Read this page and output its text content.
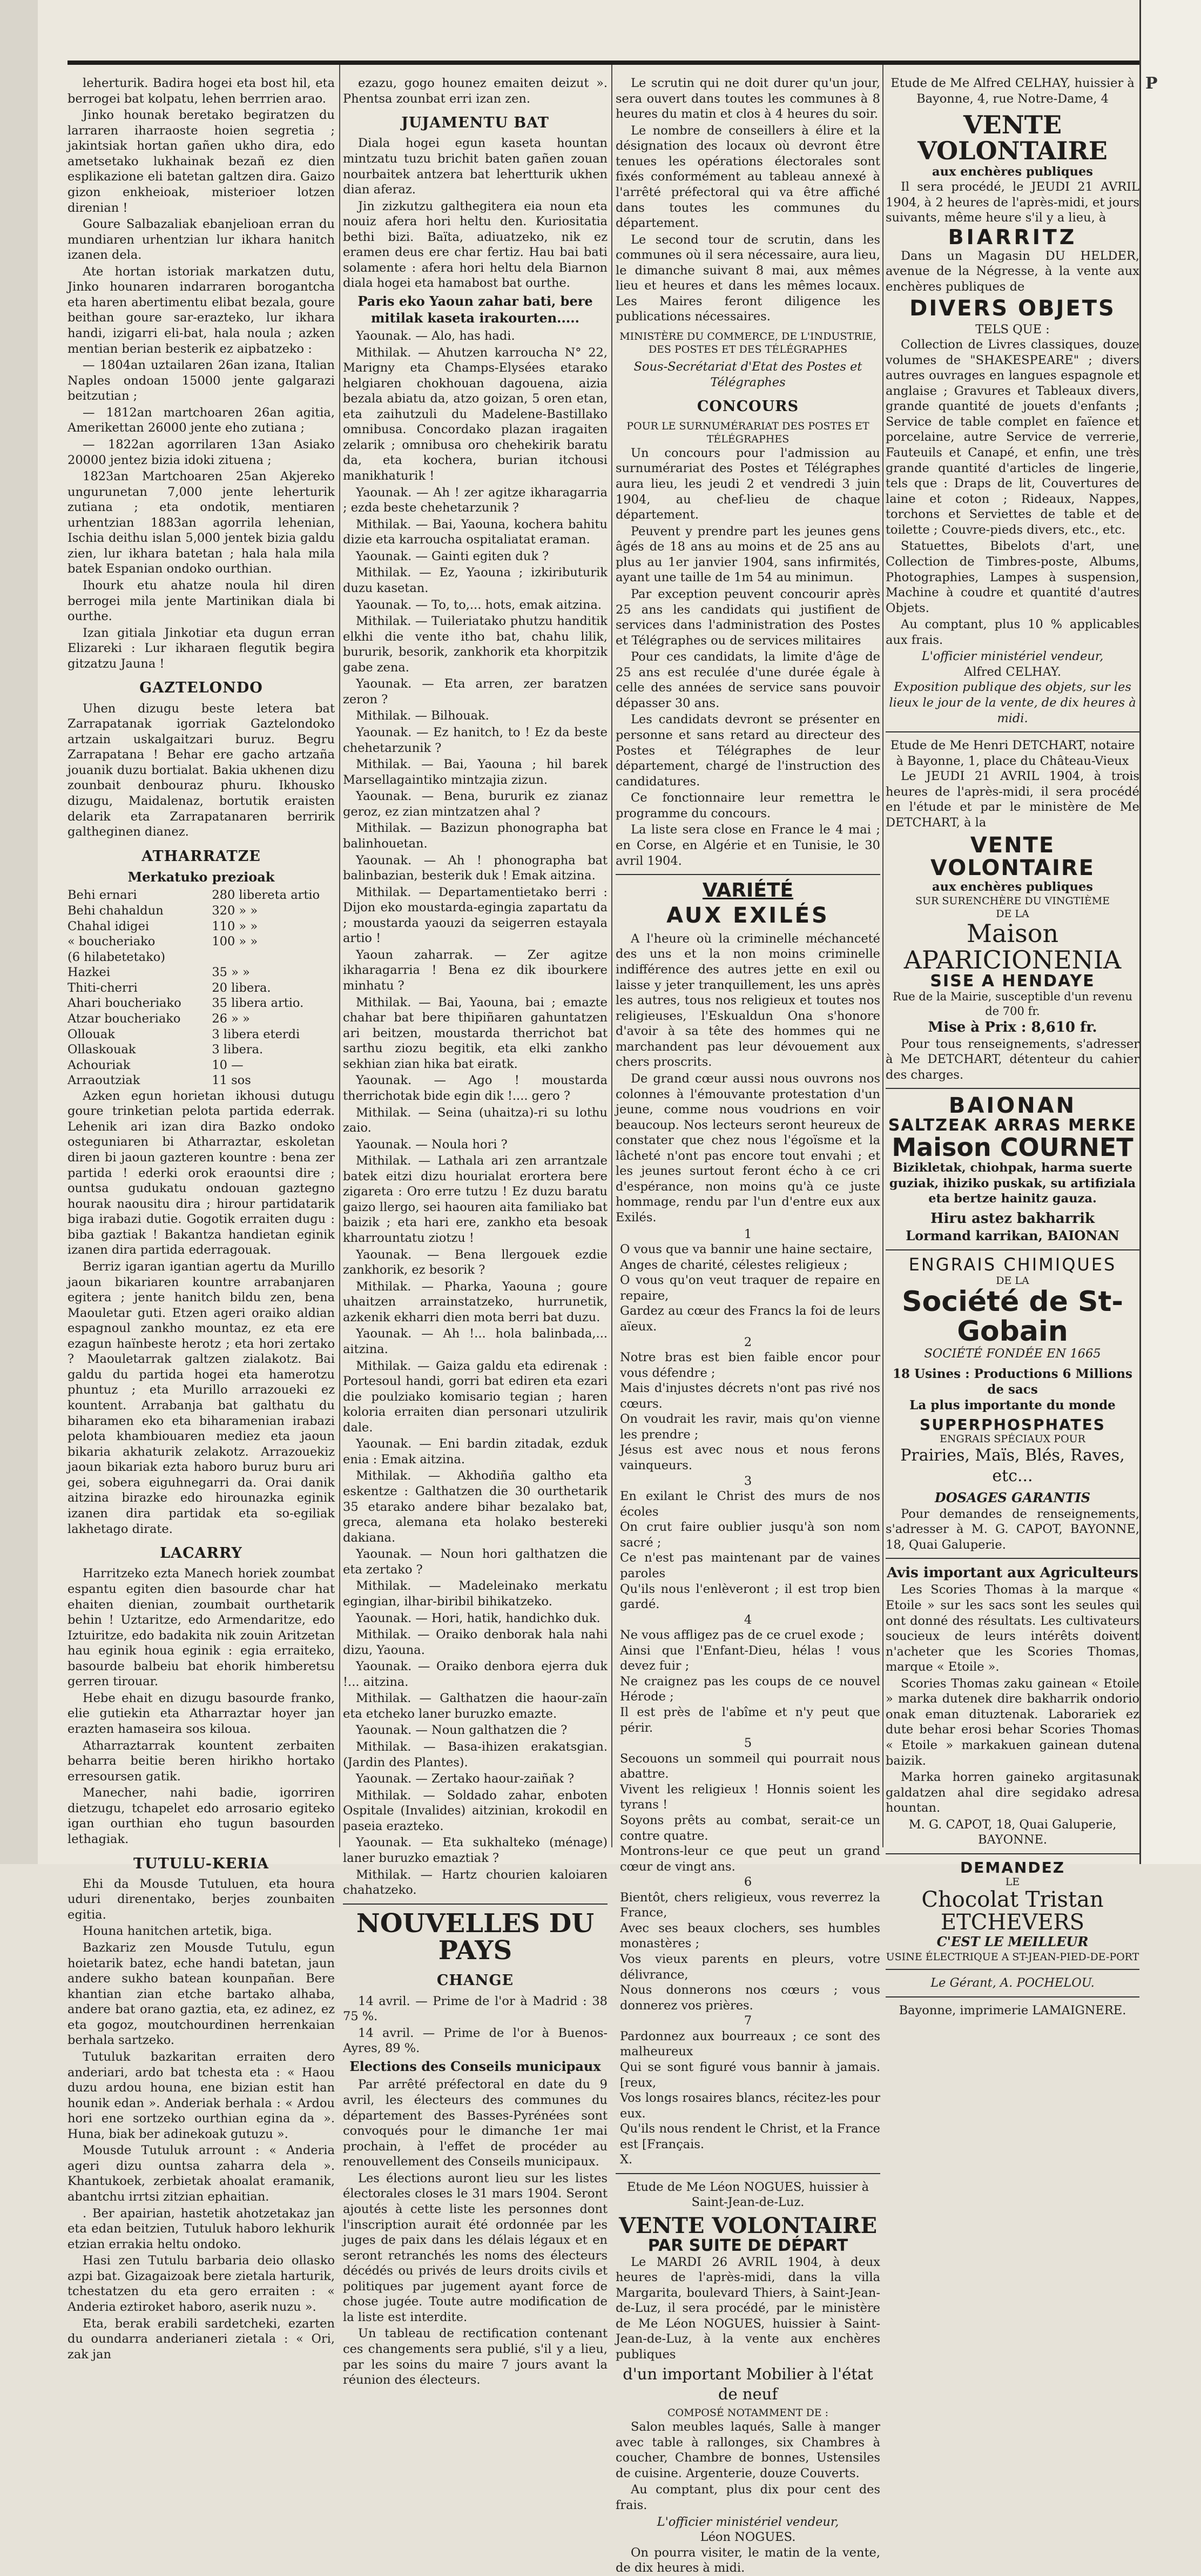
P

leherturik. Badira hogei eta bost hil, eta berrogei bat kolpatu, lehen berrrien arao.

Jinko hounak beretako begiratzen du larraren iharraoste hoien segretia ; jakintsiak hortan gañen ukho dira, edo ametsetako lukhainak bezañ ez dien esplikazione eli batetan galtzen dira. Gaizo gizon enkheioak, misterioer lotzen direnian !

Goure Salbazaliak ebanjelioan erran du mundiaren urhentzian lur ikhara hanitch izanen dela.

Ate hortan istoriak markatzen dutu, Jinko hounaren indarraren borogantcha eta haren abertimentu elibat bezala, goure beithan goure sar-erazteko, lur ikhara handi, izigarri eli-bat, hala noula ; azken mentian berian besterik ez aipbatzeko :

— 1804an uztailaren 26an izana, Italian Naples ondoan 15000 jente galgarazi beitzutian ;

— 1812an martchoaren 26an agitia, Amerikettan 26000 jente eho zutiana ;

— 1822an agorrilaren 13an Asiako 20000 jentez bizia idoki zituena ;

1823an Martchoaren 25an Akjereko ungurunetan 7,000 jente leherturik zutiana ; eta ondotik, mentiaren urhentzian 1883an agorrila lehenian, Ischia deithu islan 5,000 jentek bizia galdu zien, lur ikhara batetan ; hala hala mila batek Espanian ondoko ourthian.

Ihourk etu ahatze noula hil diren berrogei mila jente Martinikan diala bi ourthe.

Izan gitiala Jinkotiar eta dugun erran Elizareki : Lur ikharaen flegutik begira gitzatzu Jauna !

GAZTELONDO

Uhen dizugu beste letera bat Zarrapatanak igorriak Gaztelondoko artzain uskalgaitzari buruz. Begru Zarrapatana ! Behar ere gacho artzaña jouanik duzu bortialat. Bakia ukhenen dizu zounbait denbouraz phuru. Ikhousko dizugu, Maidalenaz, bortutik eraisten delarik eta Zarrapatanaren berririk galtheginen dianez.

ATHARRATZE
Merkatuko prezioak
Behi ernari	280 libereta artio
Behi chahaldun	320 » »
Chahal idigei	110 » »
« boucheriako	100 » »
(6 hilabetetako)
Hazkei	35 » »
Thiti-cherri	20 libera.
Ahari boucheriako	35 libera artio.
Atzar boucheriako	26 » »
Ollouak	3 libera eterdi
Ollaskouak	3 libera.
Achouriak	10 —
Arraoutziak	11 sos

Azken egun horietan ikhousi dutugu goure trinketian pelota partida ederrak. Lehenik ari izan dira Bazko ondoko osteguniaren bi Atharraztar, eskoletan diren bi jaoun gazteren kountre : bena zer partida ! ederki orok eraountsi dire ; ountsa gudukatu ondouan gaztegno hourak naousitu dira ; hirour partidatarik biga irabazi dutie. Gogotik erraiten dugu : biba gaztiak ! Bakantza handietan eginik izanen dira partida ederragouak.

Berriz igaran igantian agertu da Murillo jaoun bikariaren kountre arrabanjaren egitera ; jente hanitch bildu zen, bena Maouletar guti. Etzen ageri oraiko aldian espagnoul zankho mountaz, ez eta ere ezagun haïnbeste herotz ; eta hori zertako ? Maouletarrak galtzen zialakotz. Bai galdu du partida hogei eta hamerotzu phuntuz ; eta Murillo arrazoueki ez kountent. Arrabanja bat galthatu du biharamen eko eta biharamenian irabazi pelota khambiouaren mediez eta jaoun bikaria akhaturik zelakotz. Arrazouekiz jaoun bikariak ezta haboro buruz buru ari gei, sobera eiguhnegarri da. Orai danik aitzina birazke edo hirounazka eginik izanen dira partidak eta so-egiliak lakhetago dirate.

LACARRY

Harritzeko ezta Manech horiek zoumbat espantu egiten dien basourde char hat ehaiten dienian, zoumbait ourthetarik behin ! Uztaritze, edo Armendaritze, edo Iztuiritze, edo badakita nik zouin Aritzetan hau eginik houa eginik : egia erraiteko, basourde balbeiu bat ehorik himberetsu gerren tirouar.

Hebe ehait en dizugu basourde franko, elie gutiekin eta Atharraztar hoyer jan erazten hamaseira sos kiloua.

Atharraztarrak kountent zerbaiten beharra beitie beren hirikho hortako erresoursen gatik.

Manecher, nahi badie, igorriren dietzugu, tchapelet edo arrosario egiteko igan ourthian eho tugun basourden lethagiak.

TUTULU-KERIA

Ehi da Mousde Tutuluen, eta houra uduri direnentako, berjes zounbaiten egitia.

Houna hanitchen artetik, biga.

Bazkariz zen Mousde Tutulu, egun hoietarik batez, eche handi batetan, jaun andere sukho batean kounpañan. Bere khantian zian etche bartako alhaba, andere bat orano gaztia, eta, ez adinez, ez eta gogoz, moutchourdinen herrenkaian berhala sartzeko.

Tutuluk bazkaritan erraiten dero anderiari, ardo bat tchesta eta : « Haou duzu ardou houna, ene bizian estit han hounik edan ». Anderiak berhala : « Ardou hori ene sortzeko ourthian egina da ». Huna, biak ber adinekoak gutuzu ».

Mousde Tutuluk arrount : « Anderia ageri dizu ountsa zaharra dela ». Khantukoek, zerbietak ahoalat eramanik, abantchu irrtsi zitzian ephaitian.

. Ber apairian, hastetik ahotzetakaz jan eta edan beitzien, Tutuluk haboro lekhurik etzian errakia heltu ondoko.

Hasi zen Tutulu barbaria deio ollasko azpi bat. Gizagaizoak bere zietala harturik, tchestatzen du eta gero erraiten : « Anderia eztiroket haboro, aserik nuzu ».

Eta, berak erabili sardetcheki, ezarten du oundarra anderianeri zietala : « Ori, zak jan

ezazu, gogo hounez emaiten deizut ». Phentsa zounbat erri izan zen.

JUJAMENTU BAT

Diala hogei egun kaseta hountan mintzatu tuzu brichit baten gañen zouan nourbaitek antzera bat lehertturik ukhen dian aferaz.

Jin zizkutzu galthegitera eia noun eta nouiz afera hori heltu den. Kuriositatia bethi bizi. Baïta, adiuatzeko, nik ez eramen deus ere char fertiz. Hau bai bati solamente : afera hori heltu dela Biarnon diala hogei eta hamabost bat ourthe.

Paris eko Yaoun zahar bati, bere mitilak kaseta irakourten.....

Yaounak. — Alo, has hadi.

Mithilak. — Ahutzen karroucha N° 22, Marigny eta Champs-Elysées etarako helgiaren chokhouan dagouena, aizia bezala abiatu da, atzo goizan, 5 oren etan, eta zaihutzuli du Madelene-Bastillako omnibusa. Concordako plazan iragaiten zelarik ; omnibusa oro chehekirik baratu da, eta kochera, burian itchousi manikhaturik !

Yaounak. — Ah ! zer agitze ikharagarria ; ezda beste chehetarzunik ?

Mithilak. — Bai, Yaouna, kochera bahitu dizie eta karroucha ospitaliatat eraman.

Yaounak. — Gainti egiten duk ?

Mithilak. — Ez, Yaouna ; izkiributurik duzu kasetan.

Yaounak. — To, to,... hots, emak aitzina.

Mithilak. — Tuileriatako phutzu handitik elkhi die vente itho bat, chahu lilik, bururik, besorik, zankhorik eta khorpitzik gabe zena.

Yaounak. — Eta arren, zer baratzen zeron ?

Mithilak. — Bilhouak.

Yaounak. — Ez hanitch, to ! Ez da beste chehetarzunik ?

Mithilak. — Bai, Yaouna ; hil barek Marsellagaintiko mintzajia zizun.

Yaounak. — Bena, bururik ez zianaz geroz, ez zian mintzatzen ahal ?

Mithilak. — Bazizun phonographa bat balinhouetan.

Yaounak. — Ah ! phonographa bat balinbazian, besterik duk ! Emak aitzina.

Mithilak. — Departamentietako berri : Dijon eko moustarda-egingia zapartatu da ; moustarda yaouzi da seigerren estayala artio !

Yaoun zaharrak. — Zer agitze ikharagarria ! Bena ez dik ibourkere minhatu ?

Mithilak. — Bai, Yaouna, bai ; emazte chahar bat bere thipiñaren gahuntatzen ari beitzen, moustarda therrichot bat sarthu ziozu begitik, eta elki zankho sekhian zian hika bat eiratk.

Yaounak. — Ago ! moustarda therrichotak bide egin dik !.... gero ?

Mithilak. — Seina (uhaitza)-ri su lothu zaio.

Yaounak. — Noula hori ?

Mithilak. — Lathala ari zen arrantzale batek eitzi dizu hourialat erortera bere zigareta : Oro erre tutzu ! Ez duzu baratu gaizo llergo, sei haouren aita familiako bat baizik ; eta hari ere, zankho eta besoak kharrountatu ziotzu !

Yaounak. — Bena llergouek ezdie zankhorik, ez besorik ?

Mithilak. — Pharka, Yaouna ; goure uhaitzen arrainstatzeko, hurrunetik, azkenik ekharri dien mota berri bat duzu.

Yaounak. — Ah !... hola balinbada,... aitzina.

Mithilak. — Gaiza galdu eta edirenak : Portesoul handi, gorri bat ediren eta ezari die poulziako komisario tegian ; haren koloria erraiten dian personari utzulirik dale.

Yaounak. — Eni bardin zitadak, ezduk enia : Emak aitzina.

Mithilak. — Akhodiña galtho eta eskentze : Galthatzen die 30 ourthetarik 35 etarako andere bihar bezalako bat, greca, alemana eta holako bestereki dakiana.

Yaounak. — Noun hori galthatzen die eta zertako ?

Mithilak. — Madeleinako merkatu egingian, ilhar-biribil bihikatzeko.

Yaounak. — Hori, hatik, handichko duk.

Mithilak. — Oraiko denborak hala nahi dizu, Yaouna.

Yaounak. — Oraiko denbora ejerra duk !... aitzina.

Mithilak. — Galthatzen die haour-zaïn eta etcheko laner buruzko emazte.

Yaounak. — Noun galthatzen die ?

Mithilak. — Basa-ihizen erakatsgian. (Jardin des Plantes).

Yaounak. — Zertako haour-zaiñak ?

Mithilak. — Soldado zahar, enboten Ospitale (Invalides) aitzinian, krokodil en paseia eraztekо.

Yaounak. — Eta sukhalteko (ménage) laner buruzko emaztiak ?

Mithilak. — Hartz chourien kaloiaren chahatzeko.

NOUVELLES DU PAYS
CHANGE

14 avril. — Prime de l'or à Madrid : 38 75 %.

14 avril. — Prime de l'or à Buenos-Ayres, 89 %.

Elections des Conseils municipaux

Par arrêté préfectoral en date du 9 avril, les électeurs des communes du département des Basses-Pyrénées sont convoqués pour le dimanche 1er mai prochain, à l'effet de procéder au renouvellement des Conseils municipaux.

Les élections auront lieu sur les listes électorales closes le 31 mars 1904. Seront ajoutés à cette liste les personnes dont l'inscription aurait été ordonnée par les juges de paix dans les délais légaux et en seront retranchés les noms des électeurs décédés ou privés de leurs droits civils et politiques par jugement ayant force de chose jugée. Toute autre modification de la liste est interdite.

Un tableau de rectification contenant ces changements sera publié, s'il y a lieu, par les soins du maire 7 jours avant la réunion des électeurs.

Le scrutin qui ne doit durer qu'un jour, sera ouvert dans toutes les communes à 8 heures du matin et clos à 4 heures du soir.

Le nombre de conseillers à élire et la désignation des locaux où devront être tenues les opérations électorales sont fixés conformément au tableau annexé à l'arrêté préfectoral qui va être affiché dans toutes les communes du département.

Le second tour de scrutin, dans les communes où il sera nécessaire, aura lieu, le dimanche suivant 8 mai, aux mêmes lieu et heures et dans les mêmes locaux. Les Maires feront diligence les publications nécessaires.

MINISTÈRE DU COMMERCE, DE L'INDUSTRIE, DES POSTES ET DES TÉLÉGRAPHES
Sous-Secrétariat d'Etat des Postes et Télégraphes
CONCOURS
POUR LE SURNUMÉRARIAT DES POSTES ET TÉLÉGRAPHES

Un concours pour l'admission au surnumérariat des Postes et Télégraphes aura lieu, les jeudi 2 et vendredi 3 juin 1904, au chef-lieu de chaque département.

Peuvent y prendre part les jeunes gens âgés de 18 ans au moins et de 25 ans au plus au 1er janvier 1904, sans infirmités, ayant une taille de 1m 54 au minimun.

Par exception peuvent concourir après 25 ans les candidats qui justifient de services dans l'administration des Postes et Télégraphes ou de services militaires

Pour ces candidats, la limite d'âge de 25 ans est reculée d'une durée égale à celle des années de service sans pouvoir dépasser 30 ans.

Les candidats devront se présenter en personne et sans retard au directeur des Postes et Télégraphes de leur département, chargé de l'instruction des candidatures.

Ce fonctionnaire leur remettra le programme du concours.

La liste sera close en France le 4 mai ; en Corse, en Algérie et en Tunisie, le 30 avril 1904.

VARIÉTÉ
AUX EXILÉS

A l'heure où la criminelle méchanceté des uns et la non moins criminelle indifférence des autres jette en exil ou laisse y jeter tranquillement, les uns après les autres, tous nos religieux et toutes nos religieuses, l'Eskualdun Ona s'honore d'avoir à sa tête des hommes qui ne marchandent pas leur dévouement aux chers proscrits.

De grand cœur aussi nous ouvrons nos colonnes à l'émouvante protestation d'un jeune, comme nous voudrions en voir beaucoup. Nos lecteurs seront heureux de constater que chez nous l'égoïsme et la lâcheté n'ont pas encore tout envahi ; et les jeunes surtout feront écho à ce cri d'espérance, non moins qu'à ce juste hommage, rendu par l'un d'entre eux aux Exilés.

1
O vous que va bannir une haine sectaire,
Anges de charité, célestes religieux ;
O vous qu'on veut traquer de repaire en repaire,
Gardez au cœur des Francs la foi de leurs aïeux.
2
Notre bras est bien faible encor pour vous défendre ;
Mais d'injustes décrets n'ont pas rivé nos cœurs.
On voudrait les ravir, mais qu'on vienne les prendre ;
Jésus est avec nous et nous ferons vainqueurs.
3
En exilant le Christ des murs de nos écoles
On crut faire oublier jusqu'à son nom sacré ;
Ce n'est pas maintenant par de vaines paroles
Qu'ils nous l'enlèveront ; il est trop bien gardé.
4
Ne vous affligez pas de ce cruel exode ;
Ainsi que l'Enfant-Dieu, hélas ! vous devez fuir ;
Ne craignez pas les coups de ce nouvel Hérode ;
Il est près de l'abîme et n'y peut que périr.
5
Secouons un sommeil qui pourrait nous abattre.
Vivent les religieux ! Honnis soient les tyrans !
Soyons prêts au combat, serait-ce un contre quatre.
Montrons-leur ce que peut un grand cœur de vingt ans.
6
Bientôt, chers religieux, vous reverrez la France,
Avec ses beaux clochers, ses humbles monastères ;
Vos vieux parents en pleurs, votre délivrance,
Nous donnerons nos cœurs ; vous donnerez vos prières.
7
Pardonnez aux bourreaux ; ce sont des malheureux
Qui se sont figuré vous bannir à jamais. [reux,
Vos longs rosaires blancs, récitez-les pour eux.
Qu'ils nous rendent le Christ, et la France est [Français.
X.
Etude de Me Léon NOGUES, huissier à Saint-Jean-de-Luz.
VENTE VOLONTAIRE
PAR SUITE DE DÉPART

Le MARDI 26 AVRIL 1904, à deux heures de l'après-midi, dans la villa Margarita, boulevard Thiers, à Saint-Jean-de-Luz, il sera procédé, par le ministère de Me Léon NOGUES, huissier à Saint-Jean-de-Luz, à la vente aux enchères publiques

d'un important Mobilier à l'état de neuf
COMPOSÉ NOTAMMENT DE :

Salon meubles laqués, Salle à manger avec table à rallonges, six Chambres à coucher, Chambre de bonnes, Ustensiles de cuisine. Argenterie, douze Couverts.

Au comptant, plus dix pour cent des frais.

L'officier ministériel vendeur,
Léon NOGUES.

On pourra visiter, le matin de la vente, de dix heures à midi.

Etude de Me Alfred CELHAY, huissier à Bayonne, 4, rue Notre-Dame, 4
VENTE VOLONTAIRE
aux enchères publiques

Il sera procédé, le JEUDI 21 AVRIL 1904, à 2 heures de l'après-midi, et jours suivants, même heure s'il y a lieu, à

BIARRITZ

Dans un Magasin DU HELDER, avenue de la Négresse, à la vente aux enchères publiques de

DIVERS OBJETS
TELS QUE :

Collection de Livres classiques, douze volumes de "SHAKESPEARE" ; divers autres ouvrages en langues espagnole et anglaise ; Gravures et Tableaux divers, grande quantité de jouets d'enfants ; Service de table complet en faïence et porcelaine, autre Service de verrerie, Fauteuils et Canapé, et enfin, une très grande quantité d'articles de lingerie, tels que : Draps de lit, Couvertures de laine et coton ; Rideaux, Nappes, torchons et Serviettes de table et de toilette ; Couvre-pieds divers, etc., etc.

Statuettes, Bibelots d'art, une Collection de Timbres-poste, Albums, Photographies, Lampes à suspension, Machine à coudre et quantité d'autres Objets.

Au comptant, plus 10 % applicables aux frais.

L'officier ministériel vendeur,
Alfred CELHAY.
Exposition publique des objets, sur les lieux le jour de la vente, de dix heures à midi.
Etude de Me Henri DETCHART, notaire à Bayonne, 1, place du Château-Vieux

Le JEUDI 21 AVRIL 1904, à trois heures de l'après-midi, il sera procédé en l'étude et par le ministère de Me DETCHART, à la

VENTE VOLONTAIRE
aux enchères publiques
SUR SURENCHÈRE DU VINGTIÈME
DE LA
Maison APARICIONENIA
SISE A HENDAYE
Rue de la Mairie, susceptible d'un revenu de 700 fr.
Mise à Prix : 8,610 fr.

Pour tous renseignements, s'adresser à Me DETCHART, détenteur du cahier des charges.

BAIONAN
SALTZEAK ARRAS MERKE
Maison COURNET
Bizikletak, chiohpak, harma suerte guziak, ihiziko puskak, su artifiziala eta bertze hainitz gauza.
Hiru astez bakharrik
Lormand karrikan, BAIONAN
ENGRAIS CHIMIQUES
DE LA
Société de St-Gobain
SOCIÉTÉ FONDÉE EN 1665
18 Usines : Productions 6 Millions de sacs
La plus importante du monde
SUPERPHOSPHATES
ENGRAIS SPÉCIAUX POUR
Prairies, Maïs, Blés, Raves, etc...
DOSAGES GARANTIS

Pour demandes de renseignements, s'adresser à M. G. CAPOT, BAYONNE, 18, Quai Galuperie.

Avis important aux Agriculteurs

Les Scories Thomas à la marque « Etoile » sur les sacs sont les seules qui ont donné des résultats. Les cultivateurs soucieux de leurs intérêts doivent n'acheter que les Scories Thomas, marque « Etoile ».

Scories Thomas zaku gainean « Etoile » marka dutenek dire bakharrik ondorio onak eman dituztenak. Laborariek ez dute behar erosi behar Scories Thomas « Etoile » markakuen gainean dutena baizik.

Marka horren gaineko argitasunak galdatzen ahal dire segidako adresa hountan.

M. G. CAPOT, 18, Quai Galuperie, BAYONNE.
DEMANDEZ
LE
Chocolat Tristan ETCHEVERS
C'EST LE MEILLEUR
USINE ÉLECTRIQUE A ST-JEAN-PIED-DE-PORT
Le Gérant, A. POCHELOU.
Bayonne, imprimerie LAMAIGNERE.
